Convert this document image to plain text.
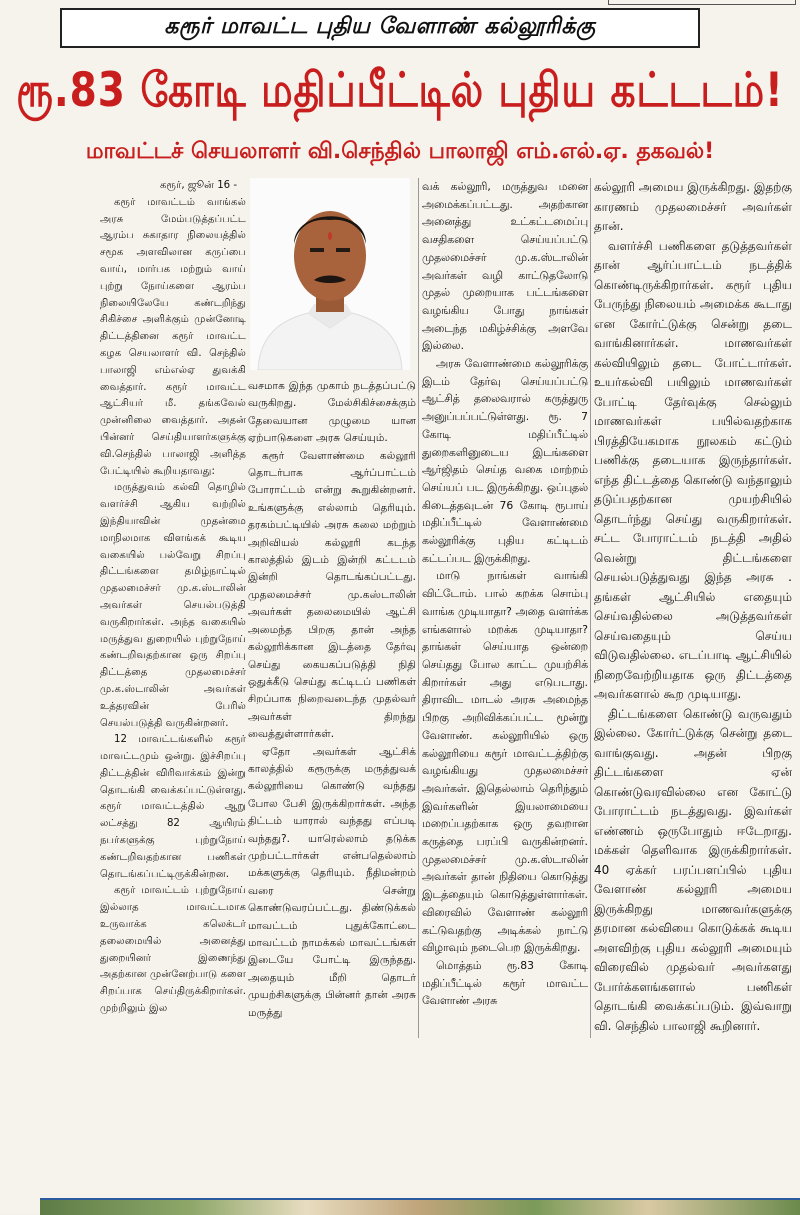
கரூர் மாவட்ட புதிய வேளாண் கல்லூரிக்கு
ரூ.83 கோடி மதிப்பீட்டில் புதிய கட்டடம்!
மாவட்டச் செயலாளர் வி.செந்தில் பாலாஜி எம்.எல்.ஏ. தகவல்!

கரூர், ஜூன் 16 -

கரூர் மாவட்டம் வாங்கல் அரசு மேம்படுத்தப்பட்ட ஆரம்ப சுகாதார நிலையத்தில் சமூக அளவிலான கருப்பை வாய், மார்பக மற்றும் வாய் புற்று நோய்களை ஆரம்ப நிலையிலேயே கண்டறிந்து சிகிச்சை அளிக்கும் முன்னோடி திட்டத்தினை கரூர் மாவட்ட கழக செயலாளர் வி. செந்தில் பாலாஜி எம்எல்ஏ துவக்கி வைத்தார். கரூர் மாவட்ட ஆட்சியர் மீ. தங்கவேல் முன்னிலை வைத்தார். அதன் பின்னர் செய்தியாளர்களுக்கு வி.செந்தில் பாலாஜி அளித்த பேட்டியில் கூறியதாவது:

மருத்துவம் கல்வி தொழில் வளர்ச்சி ஆகிய வற்றில் இந்தியாவின் முதன்மை மாநிலமாக விளங்கக் கூடிய வகையில் பல்வேறு சிறப்பு திட்டங்களை தமிழ்நாட்டில் முதலமைச்சர் மு.க.ஸ்டாலின் அவர்கள் செயல்படுத்தி வருகிறார்கள். அந்த வகையில் மருத்துவ துறையில் புற்றுநோய் கண்டறிவதற்கான ஒரு சிறப்பு திட்டத்தை முதலமைச்சர் மு.க.ஸ்டாலின் அவர்கள் உத்தரவின் பேரில் செயல்படுத்தி வருகின்றனர்.

12 மாவட்டங்களில் கரூர் மாவட்டமும் ஒன்று. இச்சிறப்பு திட்டத்தின் விரிவாக்கம் இன்று தொடங்கி வைக்கப்பட்டுள்ளது. கரூர் மாவட்டத்தில் ஆறு லட்சத்து 82 ஆயிரம் நபர்களுக்கு புற்றுநோய் கண்டறிவதற்கான பணிகள் தொடங்கப்பட்டிருக்கின்றன.

கரூர் மாவட்டம் புற்றுநோய் இல்லாத மாவட்டமாக உருவாக்க கலெக்டர் தலைமையில் அனைத்து துறையினர் இணைந்து அதற்கான முன்னேற்பாடு களை சிறப்பாக செய்திருக்கிறார்கள். முற்றிலும் இல

வசமாக இந்த முகாம் நடத்தப்பட்டு வருகிறது. மேல்சிகிச்சைக்கும் தேவையான முழுமை யான ஏற்பாடுகளை அரசு செய்யும்.

கரூர் வேளாண்மை கல்லூரி தொடர்பாக ஆர்ப்பாட்டம் போராட்டம் என்று கூறுகின்றனர். உங்களுக்கு எல்லாம் தெரியும். தரகம்பட்டியில் அரசு கலை மற்றும் அறிவியல் கல்லூரி கடந்த காலத்தில் இடம் இன்றி கட்டடம் இன்றி தொடங்கப்பட்டது. முதலமைச்சர் மு.கஸ்டாலின் அவர்கள் தலைமையில் ஆட்சி அமைந்த பிறகு தான் அந்த கல்லூரிக்கான இடத்தை தேர்வு செய்து கையகப்படுத்தி நிதி ஒதுக்கீடு செய்து கட்டிடப் பணிகள் சிறப்பாக நிறைவடைந்த முதல்வர் அவர்கள் திறந்து வைத்துள்ளார்கள்.

ஏதோ அவர்கள் ஆட்சிக் காலத்தில் கரூருக்கு மருத்துவக் கல்லூரியை கொண்டு வந்தது போல பேசி இருக்கிறார்கள். அந்த திட்டம் யாரால் வந்தது எப்படி வந்தது?. யாரெல்லாம் தடுக்க முற்பட்டார்கள் என்பதெல்லாம் மக்களுக்கு தெரியும். நீதிமன்றம் வரை சென்று கொண்டுவரப்பட்டது. திண்டுக்கல் மாவட்டம் புதுக்கோட்டை மாவட்டம் நாமக்கல் மாவட்டங்கள் இடையே போட்டி இருந்தது. அதையும் மீறி தொடர் முயற்சிகளுக்கு பின்னர் தான் அரசு மருத்து

வக் கல்லூரி, மருத்துவ மனை அமைக்கப்பட்டது. அதற்கான அனைத்து உட்கட்டமைப்பு வசதிகளை செய்யப்பட்டு முதலமைச்சர் மு.க.ஸ்டாலின் அவர்கள் வழி காட்டுதலோடு முதல் முறையாக பட்டங்களை வழங்கிய போது நாங்கள் அடைந்த மகிழ்ச்சிக்கு அளவே இல்லை.

அரசு வேளாண்மை கல்லூரிக்கு இடம் தேர்வு செய்யப்பட்டு ஆட்சித் தலைவரால் கருத்துரு அனுப்பப்பட்டுள்ளது. ரூ. 7 கோடி மதிப்பீட்டில் துறைகளினுடைய இடங்களை ஆர்ஜிதம் செய்த வகை மாற்றம் செய்யப் பட இருக்கிறது. ஒப்புதல் கிடைத்தவுடன் 76 கோடி ரூபாய் மதிப்பீட்டில் வேளாண்மை கல்லூரிக்கு புதிய கட்டிடம் கட்டப்பட இருக்கிறது.

மாடு நாங்கள் வாங்கி விட்டோம். பால் கறக்க சொம்பு வாங்க முடியாதா? அதை வளர்க்க எங்களால் மறக்க முடியாதா? தாங்கள் செய்யாத ஒன்றை செய்தது போல காட்ட முயற்சிக் கிறார்கள் அது எடுபடாது. திராவிட மாடல் அரசு அமைந்த பிறகு அறிவிக்கப்பட்ட மூன்று வேளாண். கல்லூரியில் ஒரு கல்லூரியை கரூர் மாவட்டத்திற்கு வழங்கியது முதலமைச்சர் அவர்கள். இதெல்லாம் தெரிந்தும் இவர்களின் இயலாமையை மறைப்பதற்காக ஒரு தவறான கருத்தை பரப்பி வருகின்றனர். முதலமைச்சர் மு.க.ஸ்டாலின் அவர்கள் தான் நிதியை கொடுத்து இடத்தையும் கொடுத்துள்ளார்கள். விரைவில் வேளாண் கல்லூரி கட்டுவதற்கு அடிக்கல் நாட்டு விழாவும் நடைபெற இருக்கிறது.

மொத்தம் ரூ.83 கோடி மதிப்பீட்டில் கரூர் மாவட்ட வேளாண் அரசு

கல்லூரி அமைய இருக்கிறது. இதற்கு காரணம் முதலமைச்சர் அவர்கள் தான்.

வளர்ச்சி பணிகளை தடுத்தவர்கள் தான் ஆர்ப்பாட்டம் நடத்திக் கொண்டிருக்கிறார்கள். கரூர் புதிய பேருந்து நிலையம் அமைக்க கூடாது என கோர்ட்டுக்கு சென்று தடை வாங்கினார்கள். மாணவர்கள் கல்வியிலும் தடை போட்டார்கள். உயர்கல்வி பயிலும் மாணவர்கள் போட்டி தேர்வுக்கு செல்லும் மாணவர்கள் பயில்வதற்காக பிரத்தியேகமாக நூலகம் கட்டும் பணிக்கு தடையாக இருந்தார்கள். எந்த திட்டத்தை கொண்டு வந்தாலும் தடுப்பதற்கான முயற்சியில் தொடர்ந்து செய்து வருகிறார்கள். சட்ட போராட்டம் நடத்தி அதில் வென்று திட்டங்களை செயல்படுத்துவது இந்த அரசு . தங்கள் ஆட்சியில் எதையும் செய்வதில்லை அடுத்தவர்கள் செய்வதையும் செய்ய விடுவதில்லை. எடப்பாடி ஆட்சியில் நிறைவேற்றியதாக ஒரு திட்டத்தை அவர்களால் கூற முடியாது.

திட்டங்களை கொண்டு வருவதும் இல்லை. கோர்ட்டுக்கு சென்று தடை வாங்குவது. அதன் பிறகு திட்டங்களை ஏன் கொண்டுவரவில்லை என கோட்டு போராட்டம் நடத்துவது. இவர்கள் எண்ணம் ஒருபோதும் ஈடேறாது. மக்கள் தெளிவாக இருக்கிறார்கள். 40 ஏக்கர் பரப்பளப்பில் புதிய வேளாண் கல்லூரி அமைய இருக்கிறது மாணவர்களுக்கு தரமான கல்வியை கொடுக்கக் கூடிய அளவிற்கு புதிய கல்லூரி அமையும் விரைவில் முதல்வர் அவர்களது போர்க்களங்களால் பணிகள் தொடங்கி வைக்கப்படும். இவ்வாறு வி. செந்தில் பாலாஜி கூறினார்.
